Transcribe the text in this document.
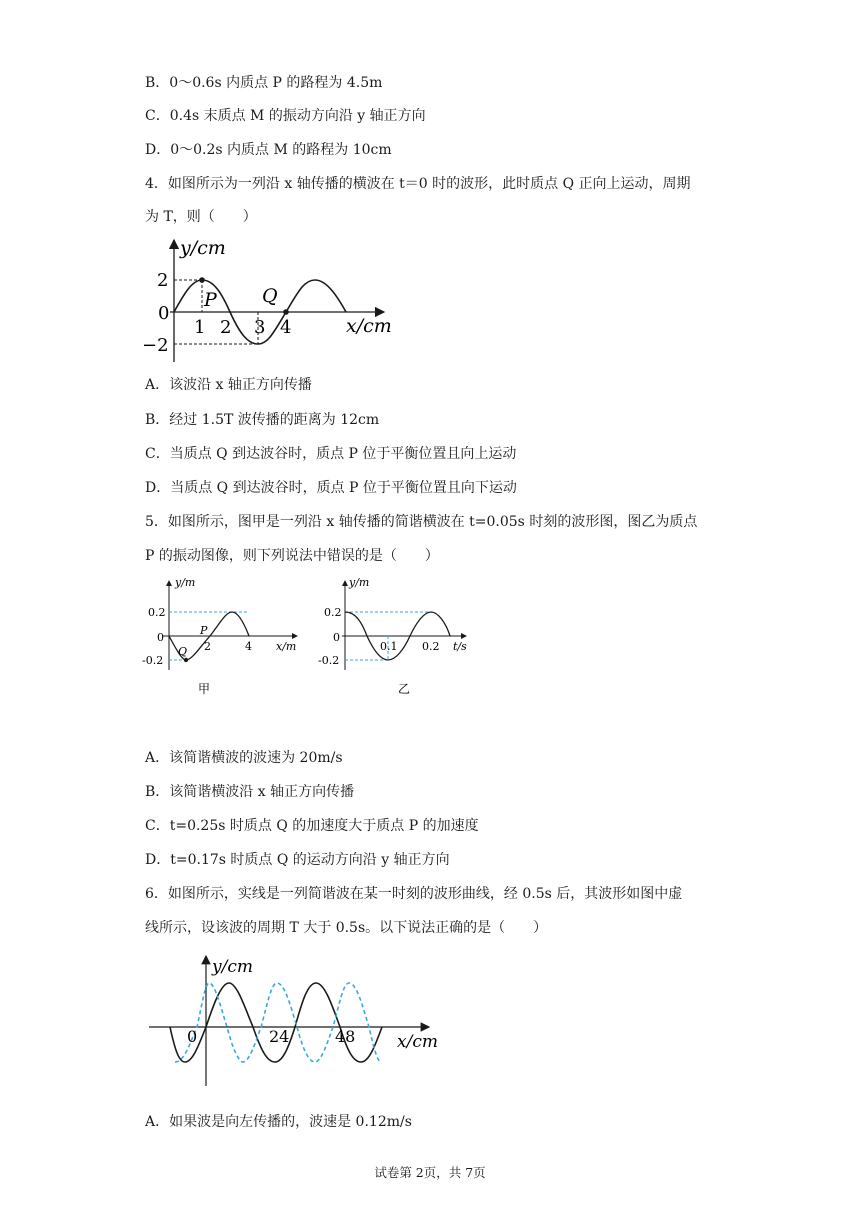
B．0～0.6s 内质点 P 的路程为 4.5m
C．0.4s 末质点 M 的振动方向沿 y 轴正方向
D．0～0.2s 内质点 M 的路程为 10cm
4．如图所示为一列沿 x 轴传播的横波在 t＝0 时的波形，此时质点 Q 正向上运动，周期
为 T，则（　　）
y/cm
x/cm
2
0
−2
1 2 3 4
P Q
A．该波沿 x 轴正方向传播
B．经过 1.5T 波传播的距离为 12cm
C．当质点 Q 到达波谷时，质点 P 位于平衡位置且向上运动
D．当质点 Q 到达波谷时，质点 P 位于平衡位置且向下运动
5．如图所示，图甲是一列沿 x 轴传播的简谐横波在 t=0.05s 时刻的波形图，图乙为质点
P 的振动图像，则下列说法中错误的是（　　）
y/m
x/m
0.2
0
-0.2
2	4
P
Q
甲
y/m
t/s
0.2
0
-0.2
0.1 0.2
乙
A．该简谐横波的波速为 20m/s
B．该简谐横波沿 x 轴正方向传播
C．t=0.25s 时质点 Q 的加速度大于质点 P 的加速度
D．t=0.17s 时质点 Q 的运动方向沿 y 轴正方向
6．如图所示，实线是一列简谐波在某一时刻的波形曲线，经 0.5s 后，其波形如图中虚
线所示，设该波的周期 T 大于 0.5s。以下说法正确的是（　　）
y/cm
x/cm
0	24	48
A．如果波是向左传播的，波速是 0.12m/s
试卷第 2页，共 7页
